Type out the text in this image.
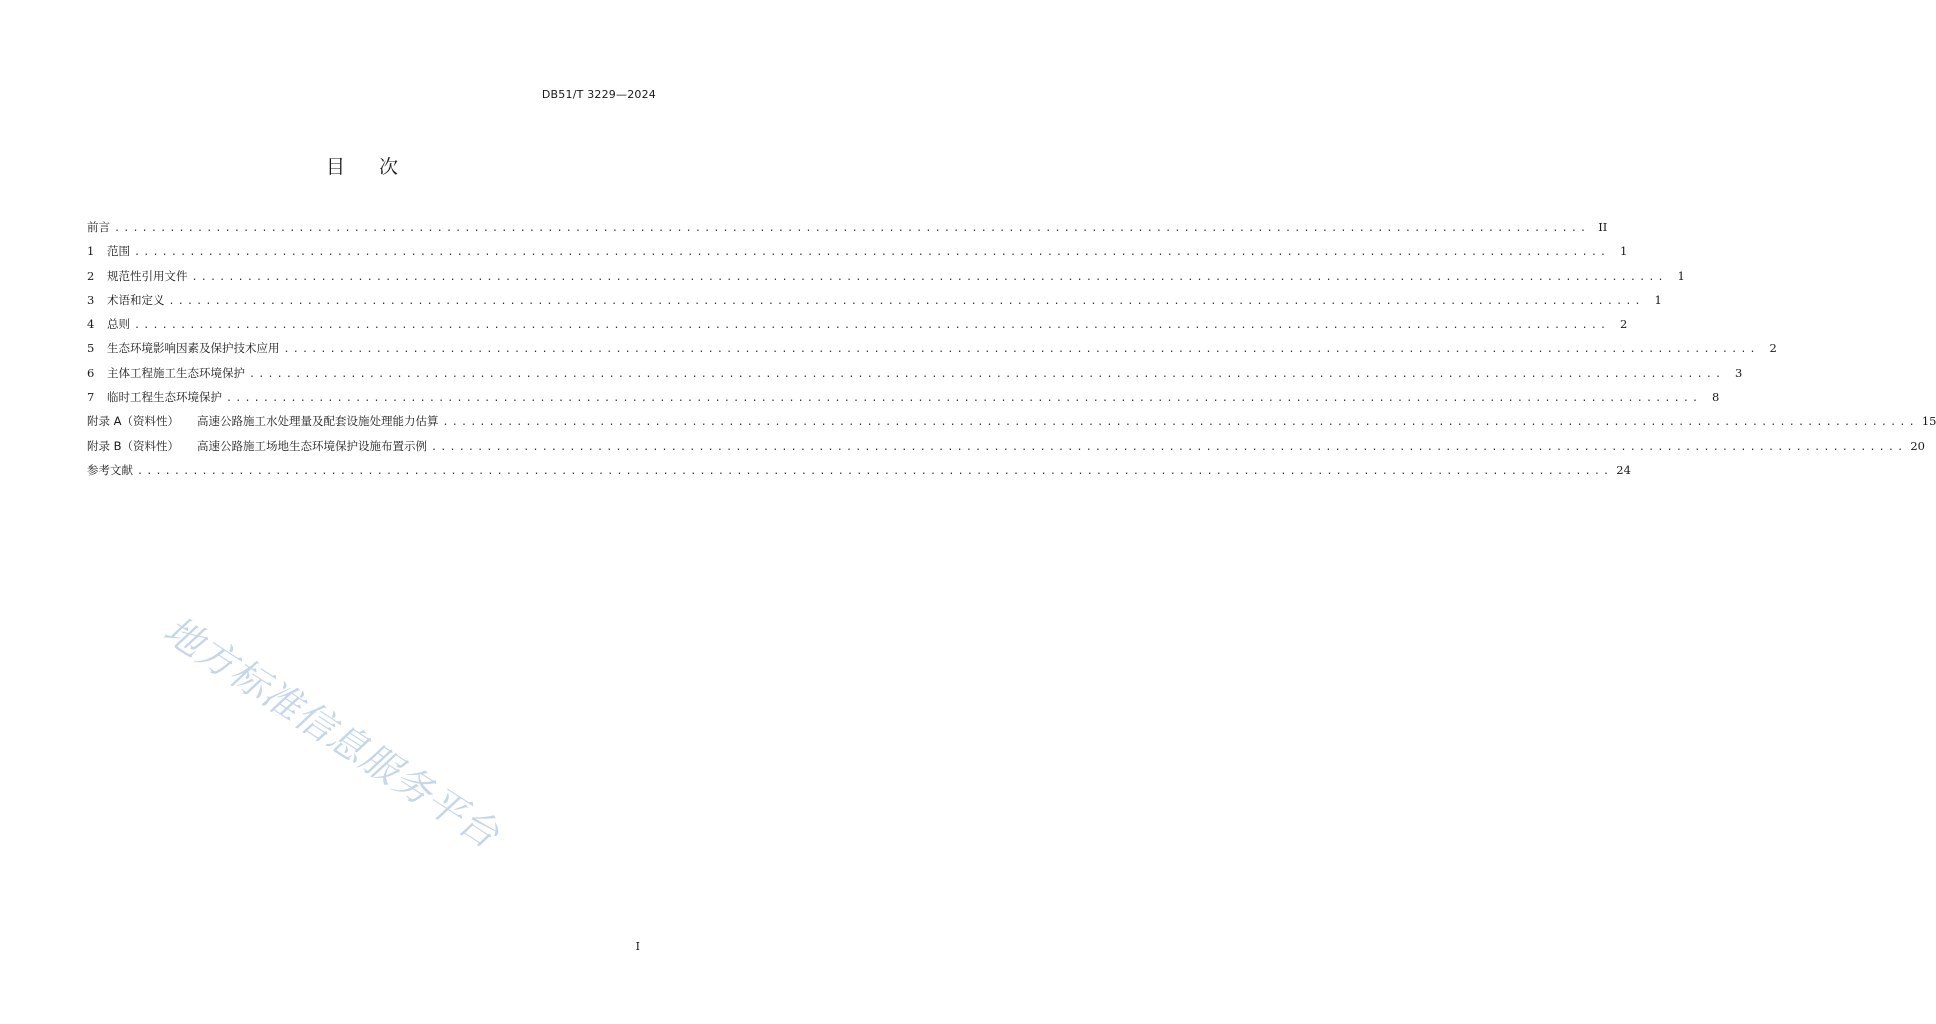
DB51/T 3229—2024
目次
前言 ................................................................................................................................................................ II
1	范围 ................................................................................................................................................................ 1
2	规范性引用文件 ................................................................................................................................................................ 1
3	术语和定义 ................................................................................................................................................................ 1
4	总则 ................................................................................................................................................................ 2
5	生态环境影响因素及保护技术应用 ................................................................................................................................................................ 2
6	主体工程施工生态环境保护 ................................................................................................................................................................ 3
7	临时工程生态环境保护 ................................................................................................................................................................ 8
附录 A（资料性） 高速公路施工水处理量及配套设施处理能力估算 ................................................................................................................................................................ 15
附录 B（资料性） 高速公路施工场地生态环境保护设施布置示例 ................................................................................................................................................................ 20
参考文献 ................................................................................................................................................................ 24
地方标准信息服务平台
I
